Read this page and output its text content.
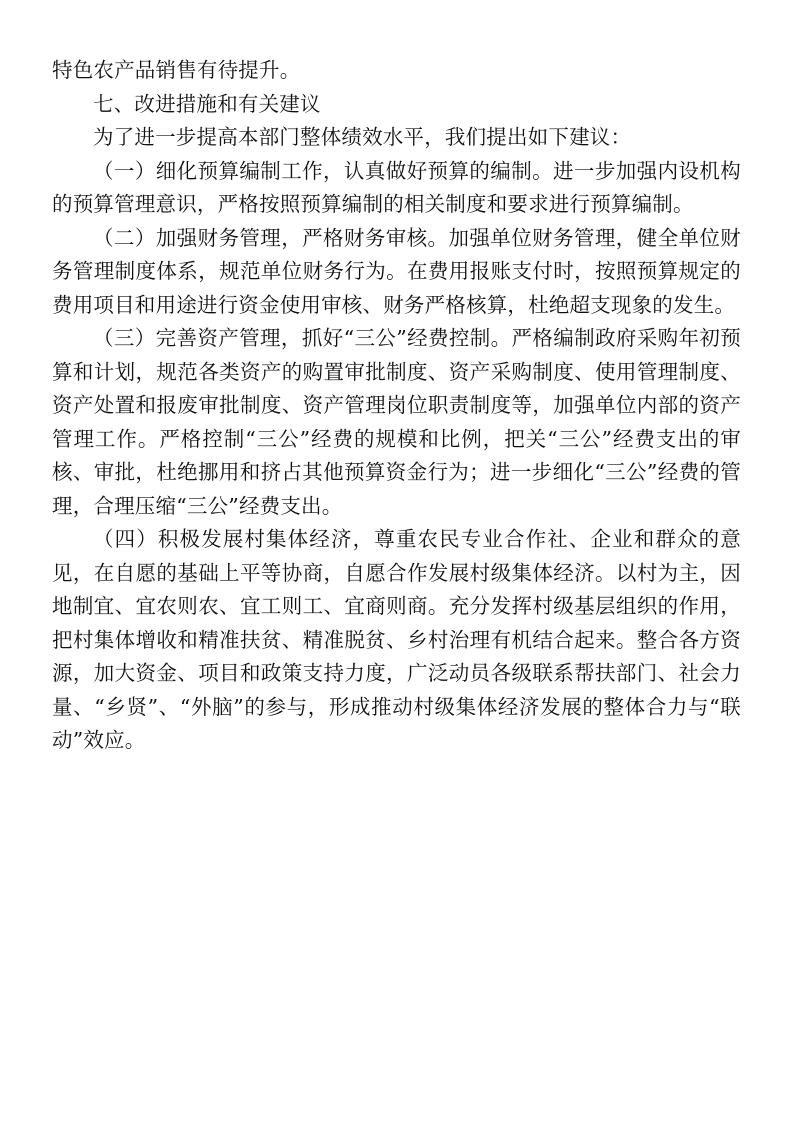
特色农产品销售有待提升。

七、改进措施和有关建议

为了进一步提高本部门整体绩效水平，我们提出如下建议：

（一）细化预算编制工作，认真做好预算的编制。进一步加强内设机构的预算管理意识，严格按照预算编制的相关制度和要求进行预算编制。

（二）加强财务管理，严格财务审核。加强单位财务管理，健全单位财务管理制度体系，规范单位财务行为。在费用报账支付时，按照预算规定的费用项目和用途进行资金使用审核、财务严格核算，杜绝超支现象的发生。

（三）完善资产管理，抓好“三公”经费控制。严格编制政府采购年初预算和计划，规范各类资产的购置审批制度、资产采购制度、使用管理制度、资产处置和报废审批制度、资产管理岗位职责制度等，加强单位内部的资产管理工作。严格控制“三公”经费的规模和比例，把关“三公”经费支出的审核、审批，杜绝挪用和挤占其他预算资金行为；进一步细化“三公”经费的管理，合理压缩“三公”经费支出。

（四）积极发展村集体经济，尊重农民专业合作社、企业和群众的意见，在自愿的基础上平等协商，自愿合作发展村级集体经济。以村为主，因地制宜、宜农则农、宜工则工、宜商则商。充分发挥村级基层组织的作用，把村集体增收和精准扶贫、精准脱贫、乡村治理有机结合起来。整合各方资源，加大资金、项目和政策支持力度，广泛动员各级联系帮扶部门、社会力量、“乡贤”、“外脑”的参与，形成推动村级集体经济发展的整体合力与“联动”效应。
